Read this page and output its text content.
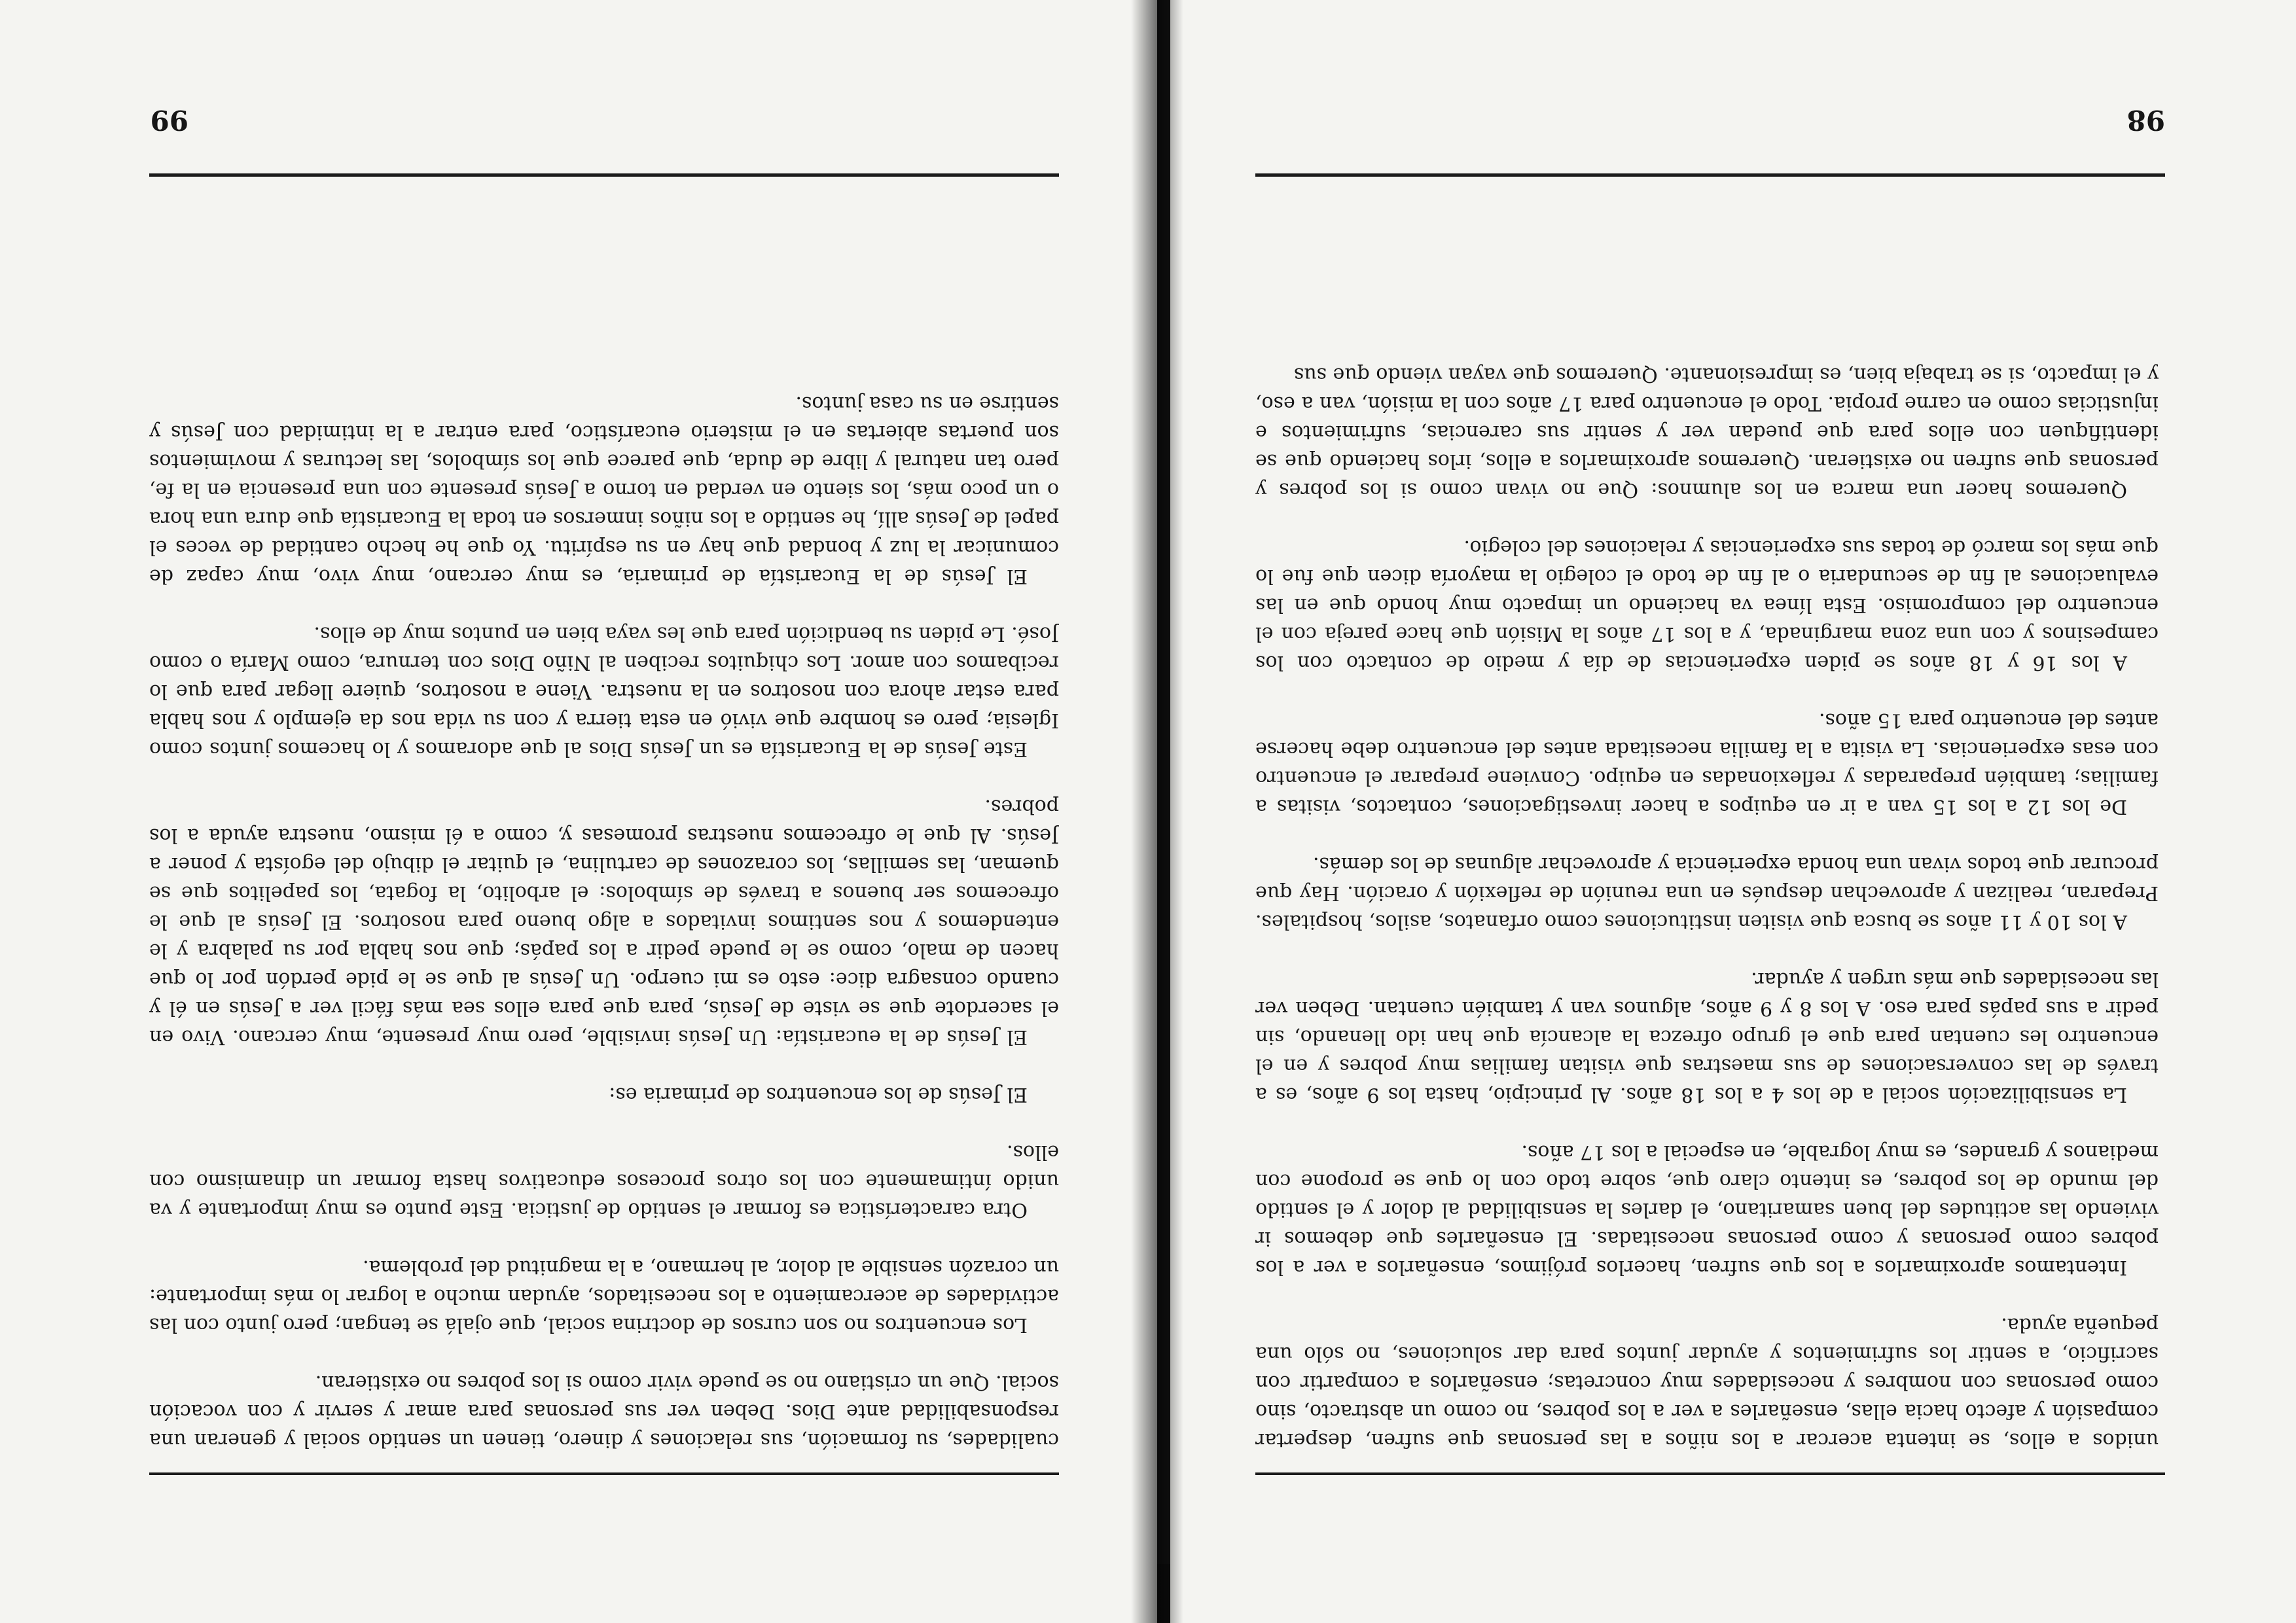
unidos a ellos, se intenta acercar a los niños a las personas que sufren, despertar compasión y afecto hacia ellas, enseñarles a ver a los pobres, no como un abstracto, sino como personas con nombres y necesidades muy concretas; enseñarlos a compartir con sacrificio, a sentir los sufrimientos y ayudar juntos para dar soluciones, no sólo una pequeña ayuda.

Intentamos aproximarlos a los que sufren, hacerlos prójimos, enseñarlos a ver a los pobres como personas y como personas necesitadas. El enseñarles que debemos ir viviendo las actitudes del buen samaritano, el darles la sensibilidad al dolor y el sentido del mundo de los pobres, es intento claro que, sobre todo con lo que se propone con medianos y grandes, es muy lograble, en especial a los 17 años.

La sensibilización social a de los 4 a los 18 años. Al principio, hasta los 9 años, es a través de las conversaciones de sus maestras que visitan familias muy pobres y en el encuentro les cuentan para que el grupo ofrezca la alcancía que han ido llenando, sin pedir a sus papás para eso. A los 8 y 9 años, algunos van y también cuentan. Deben ver las necesidades que más urgen y ayudar.

A los 10 y 11 años se busca que visiten instituciones como orfanatos, asilos, hospitales. Preparan, realizan y aprovechan después en una reunión de reflexión y oración. Hay que procurar que todos vivan una honda experiencia y aprovechar algunas de los demás.

De los 12 a los 15 van a ir en equipos a hacer investigaciones, contactos, visitas a familias; también preparadas y reflexionadas en equipo. Conviene preparar el encuentro con esas experiencias. La visita a la familia necesitada antes del encuentro debe hacerse antes del encuentro para 15 años.

A los 16 y 18 años se piden experiencias de día y medio de contacto con los campesinos y con una zona marginada, y a los 17 años la Misión que hace pareja con el encuentro del compromiso. Esta línea va haciendo un impacto muy hondo que en las evaluaciones al fin de secundaria o al fin de todo el colegio la mayoría dicen que fue lo que más los marcó de todas sus experiencias y relaciones del colegio.

Queremos hacer una marca en los alumnos: Que no vivan como si los pobres y personas que sufren no existieran. Queremos aproximarlos a ellos, irlos haciendo que se identifiquen con ellos para que puedan ver y sentir sus carencias, sufrimientos e injusticias como en carne propia. Todo el encuentro para 17 años con la misión, van a eso, y el impacto, si se trabaja bien, es impresionante. Queremos que vayan viendo que sus

98

cualidades, su formación, sus relaciones y dinero, tienen un sentido social y generan una responsabilidad ante Dios. Deben ver sus personas para amar y servir y con vocación social. Que un cristiano no se puede vivir como si los pobres no existieran.

Los encuentros no son cursos de doctrina social, que ojalá se tengan; pero junto con las actividades de acercamiento a los necesitados, ayudan mucho a lograr lo más importante: un corazón sensible al dolor, al hermano, a la magnitud del problema.

Otra característica es formar el sentido de justicia. Este punto es muy importante y va unido íntimamente con los otros procesos educativos hasta formar un dinamismo con ellos.

El Jesús de los encuentros de primaria es:

El Jesús de la eucaristía: Un Jesús invisible, pero muy presente, muy cercano. Vivo en el sacerdote que se viste de Jesús, para que para ellos sea más fácil ver a Jesús en él y cuando consagra dice: esto es mi cuerpo. Un Jesús al que se le pide perdón por lo que hacen de malo, como se le puede pedir a los papás; que nos habla por su palabra y le entendemos y nos sentimos invitados a algo bueno para nosotros. El Jesús al que le ofrecemos ser buenos a través de símbolos: el arbolito, la fogata, los papelitos que se queman, las semillas, los corazones de cartulina, el quitar el dibujo del egoísta y poner a Jesús. Al que le ofrecemos nuestras promesas y, como a él mismo, nuestra ayuda a los pobres.

Este Jesús de la Eucaristía es un Jesús Dios al que adoramos y lo hacemos juntos como Iglesia; pero es hombre que vivió en esta tierra y con su vida nos da ejemplo y nos habla para estar ahora con nosotros en la nuestra. Viene a nosotros, quiere llegar para que lo recibamos con amor. Los chiquitos reciben al Niño Dios con ternura, como María o como José. Le piden su bendición para que les vaya bien en puntos muy de ellos.

El Jesús de la Eucaristía de primaria, es muy cercano, muy vivo, muy capaz de comunicar la luz y bondad que hay en su espíritu. Yo que he hecho cantidad de veces el papel de Jesús allí, he sentido a los niños inmersos en toda la Eucaristía que dura una hora o un poco más, los siento en verdad en torno a Jesús presente con una presencia en la fe, pero tan natural y libre de duda, que parece que los símbolos, las lecturas y movimientos son puertas abiertas en el misterio eucarístico, para entrar a la intimidad con Jesús y sentirse en su casa juntos.

99
